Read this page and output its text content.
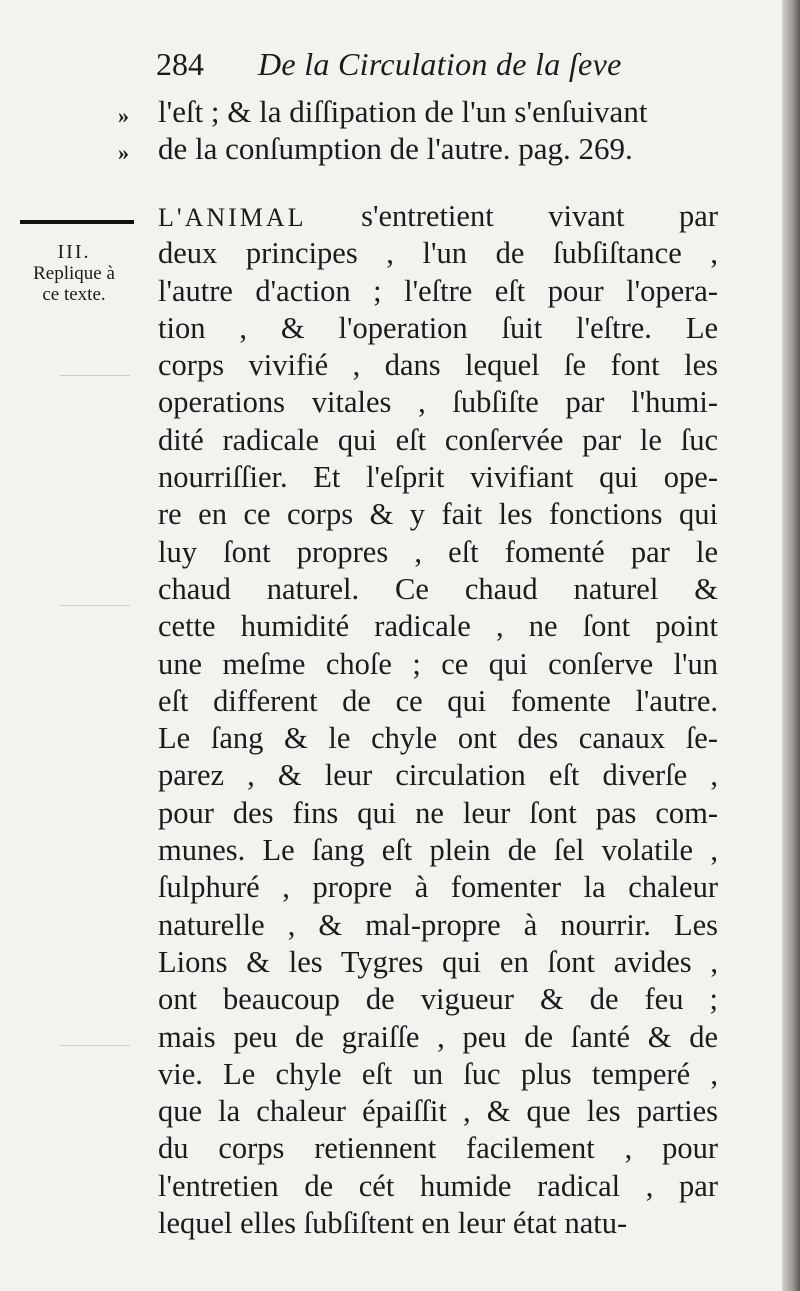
284 De la Circulation de la ſeve
»
»
l'eſt ; & la diſſipation de l'un s'enſuivant
de la conſumption de l'autre. pag. 269.
III.
Replique à
ce texte.
L'ANIMAL s'entretient vivant par
deux principes , l'un de ſubſiſtance ,
l'autre d'action ; l'eſtre eſt pour l'opera-
tion , & l'operation ſuit l'eſtre. Le
corps vivifié , dans lequel ſe font les
operations vitales , ſubſiſte par l'humi-
dité radicale qui eſt conſervée par le ſuc
nourriſſier. Et l'eſprit vivifiant qui ope-
re en ce corps & y fait les fonctions qui
luy ſont propres , eſt fomenté par le
chaud naturel. Ce chaud naturel &
cette humidité radicale , ne ſont point
une meſme choſe ; ce qui conſerve l'un
eſt different de ce qui fomente l'autre.
Le ſang & le chyle ont des canaux ſe-
parez , & leur circulation eſt diverſe ,
pour des fins qui ne leur ſont pas com-
munes. Le ſang eſt plein de ſel volatile ,
ſulphuré , propre à fomenter la chaleur
naturelle , & mal-propre à nourrir. Les
Lions & les Tygres qui en ſont avides ,
ont beaucoup de vigueur & de feu ;
mais peu de graiſſe , peu de ſanté & de
vie. Le chyle eſt un ſuc plus temperé ,
que la chaleur épaiſſit , & que les parties
du corps retiennent facilement , pour
l'entretien de cét humide radical , par
lequel elles ſubſiſtent en leur état natu-
